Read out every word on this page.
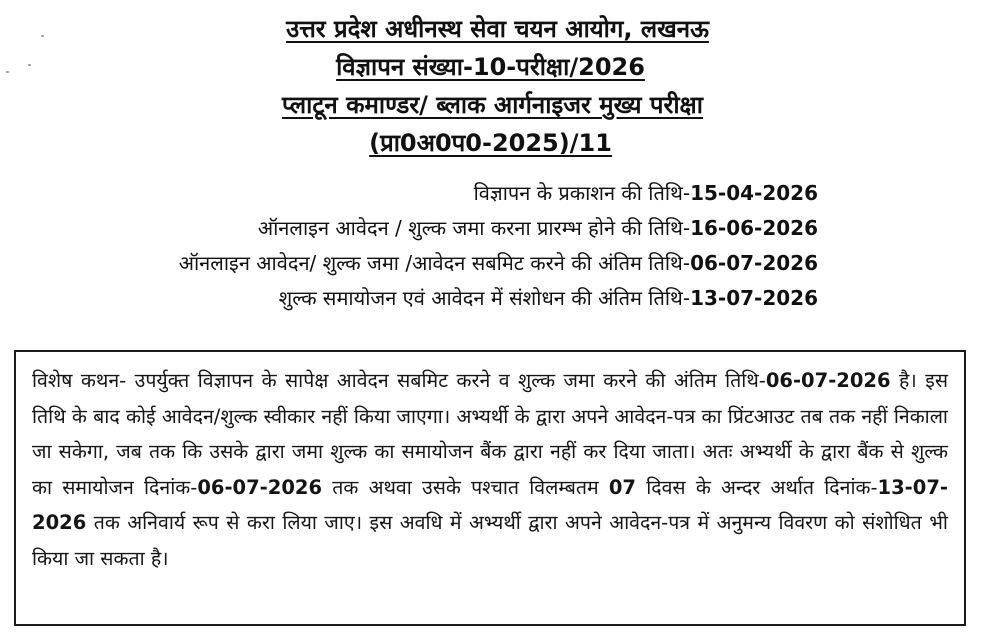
उत्तर प्रदेश अधीनस्थ सेवा चयन आयोग, लखनऊ
विज्ञापन संख्या-10-परीक्षा/2026
प्लाटून कमाण्डर/ ब्लाक आर्गनाइजर मुख्य परीक्षा
(प्रा0अ0प0-2025)/11
विज्ञापन के प्रकाशन की तिथि-15-04-2026
ऑनलाइन आवेदन / शुल्क जमा करना प्रारम्भ होने की तिथि-16-06-2026
ऑनलाइन आवेदन/ शुल्क जमा /आवेदन सबमिट करने की अंतिम तिथि-06-07-2026
शुल्क समायोजन एवं आवेदन में संशोधन की अंतिम तिथि-13-07-2026

विशेष कथन- उपर्युक्त विज्ञापन के सापेक्ष आवेदन सबमिट करने व शुल्क जमा करने की अंतिम तिथि-06-07-2026 है। इस तिथि के बाद कोई आवेदन/शुल्क स्वीकार नहीं किया जाएगा। अभ्यर्थी के द्वारा अपने आवेदन-पत्र का प्रिंटआउट तब तक नहीं निकाला जा सकेगा, जब तक कि उसके द्वारा जमा शुल्क का समायोजन बैंक द्वारा नहीं कर दिया जाता। अतः अभ्यर्थी के द्वारा बैंक से शुल्क का समायोजन दिनांक-06-07-2026 तक अथवा उसके पश्चात विलम्बतम 07 दिवस के अन्दर अर्थात दिनांक-13-07-2026 तक अनिवार्य रूप से करा लिया जाए। इस अवधि में अभ्यर्थी द्वारा अपने आवेदन-पत्र में अनुमन्य विवरण को संशोधित भी किया जा सकता है।
